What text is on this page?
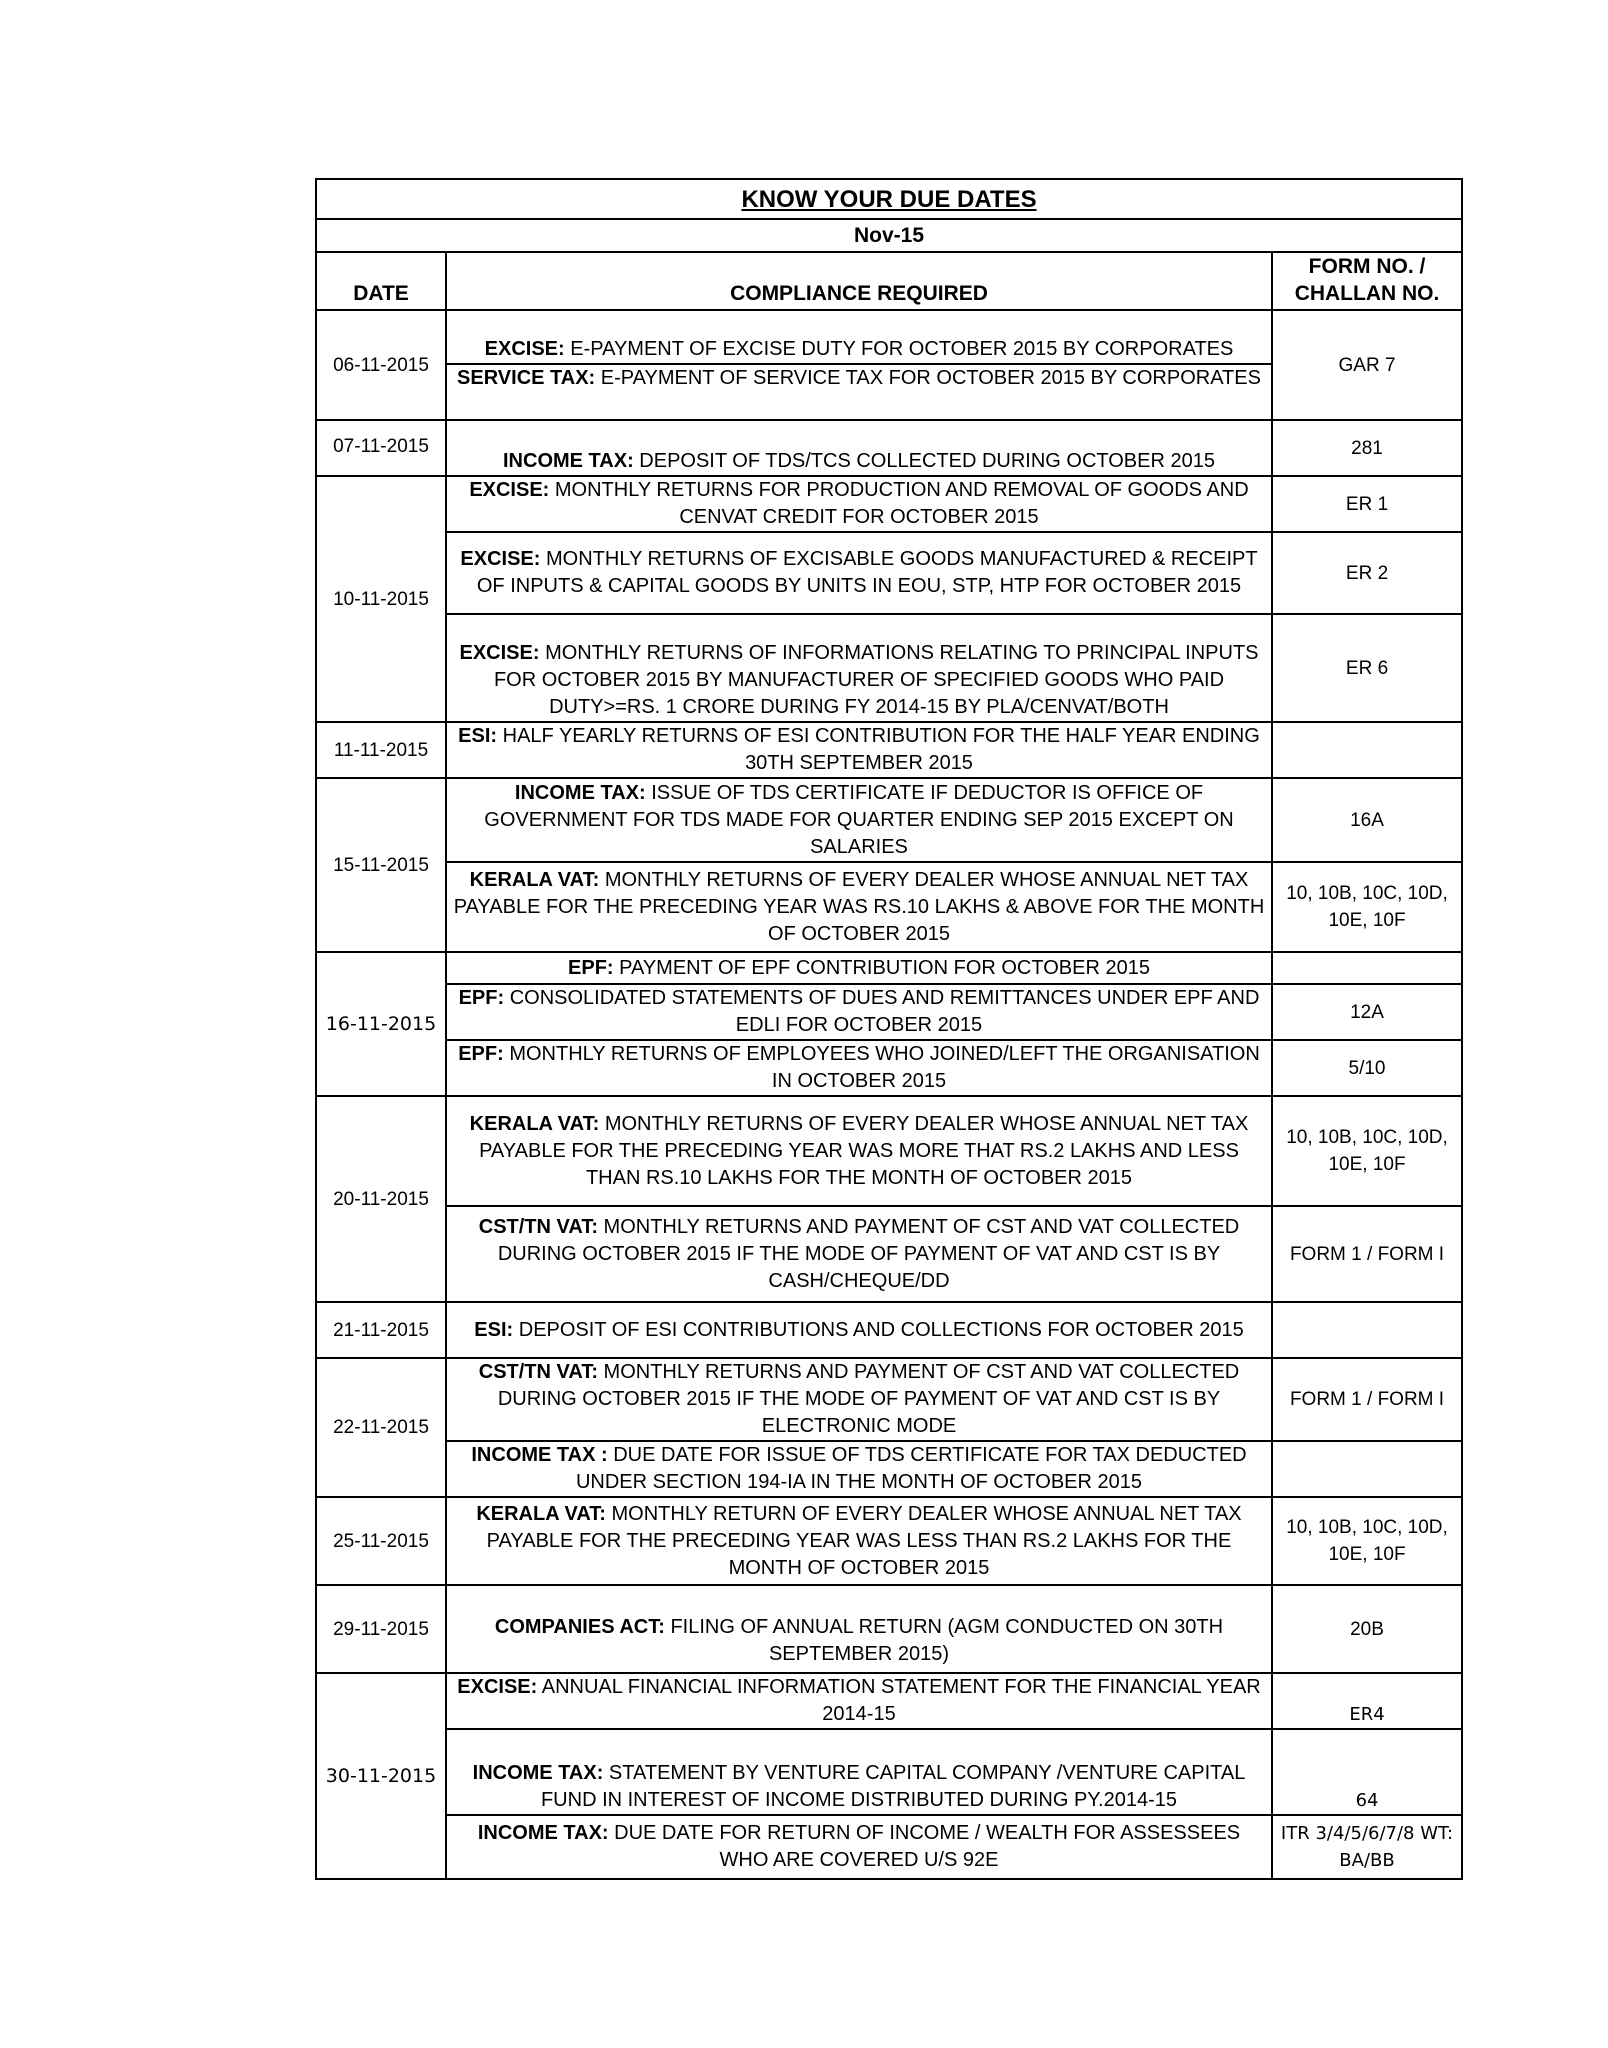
KNOW YOUR DUE DATES		
Nov-15		
DATE	COMPLIANCE REQUIRED	FORM NO. / CHALLAN NO.
06-11-2015	EXCISE: E-PAYMENT OF EXCISE DUTY FOR OCTOBER 2015 BY CORPORATES	GAR 7
	SERVICE TAX: E-PAYMENT OF SERVICE TAX FOR OCTOBER 2015 BY CORPORATES	
07-11-2015	INCOME TAX: DEPOSIT OF TDS/TCS COLLECTED DURING OCTOBER 2015	281
10-11-2015	EXCISE: MONTHLY RETURNS FOR PRODUCTION AND REMOVAL OF GOODS AND CENVAT CREDIT FOR OCTOBER 2015	ER 1
	EXCISE: MONTHLY RETURNS OF EXCISABLE GOODS MANUFACTURED & RECEIPT OF INPUTS & CAPITAL GOODS BY UNITS IN EOU, STP, HTP FOR OCTOBER 2015	ER 2
	EXCISE: MONTHLY RETURNS OF INFORMATIONS RELATING TO PRINCIPAL INPUTS FOR OCTOBER 2015 BY MANUFACTURER OF SPECIFIED GOODS WHO PAID DUTY>=RS. 1 CRORE DURING FY 2014-15 BY PLA/CENVAT/BOTH	ER 6
11-11-2015	ESI: HALF YEARLY RETURNS OF ESI CONTRIBUTION FOR THE HALF YEAR ENDING 30TH SEPTEMBER 2015	
15-11-2015	INCOME TAX: ISSUE OF TDS CERTIFICATE IF DEDUCTOR IS OFFICE OF GOVERNMENT FOR TDS MADE FOR QUARTER ENDING SEP 2015 EXCEPT ON SALARIES	16A
	KERALA VAT: MONTHLY RETURNS OF EVERY DEALER WHOSE ANNUAL NET TAX PAYABLE FOR THE PRECEDING YEAR WAS RS.10 LAKHS & ABOVE FOR THE MONTH OF OCTOBER 2015	10, 10B, 10C, 10D, 10E, 10F
16-11-2015	EPF: PAYMENT OF EPF CONTRIBUTION FOR OCTOBER 2015	
	EPF: CONSOLIDATED STATEMENTS OF DUES AND REMITTANCES UNDER EPF AND EDLI FOR OCTOBER 2015	12A
	EPF: MONTHLY RETURNS OF EMPLOYEES WHO JOINED/LEFT THE ORGANISATION IN OCTOBER 2015	5/10
20-11-2015	KERALA VAT: MONTHLY RETURNS OF EVERY DEALER WHOSE ANNUAL NET TAX PAYABLE FOR THE PRECEDING YEAR WAS MORE THAT RS.2 LAKHS AND LESS THAN RS.10 LAKHS FOR THE MONTH OF OCTOBER 2015	10, 10B, 10C, 10D, 10E, 10F
	CST/TN VAT: MONTHLY RETURNS AND PAYMENT OF CST AND VAT COLLECTED DURING OCTOBER 2015 IF THE MODE OF PAYMENT OF VAT AND CST IS BY CASH/CHEQUE/DD	FORM 1 / FORM I
21-11-2015	ESI: DEPOSIT OF ESI CONTRIBUTIONS AND COLLECTIONS FOR OCTOBER 2015	
22-11-2015	CST/TN VAT: MONTHLY RETURNS AND PAYMENT OF CST AND VAT COLLECTED DURING OCTOBER 2015 IF THE MODE OF PAYMENT OF VAT AND CST IS BY ELECTRONIC MODE	FORM 1 / FORM I
	INCOME TAX : DUE DATE FOR ISSUE OF TDS CERTIFICATE FOR TAX DEDUCTED UNDER SECTION 194-IA IN THE MONTH OF OCTOBER 2015	
25-11-2015	KERALA VAT: MONTHLY RETURN OF EVERY DEALER WHOSE ANNUAL NET TAX PAYABLE FOR THE PRECEDING YEAR WAS LESS THAN RS.2 LAKHS FOR THE MONTH OF OCTOBER 2015	10, 10B, 10C, 10D, 10E, 10F
29-11-2015	COMPANIES ACT: FILING OF ANNUAL RETURN (AGM CONDUCTED ON 30TH SEPTEMBER 2015)	20B
30-11-2015	EXCISE: ANNUAL FINANCIAL INFORMATION STATEMENT FOR THE FINANCIAL YEAR 2014-15	ER4
	INCOME TAX: STATEMENT BY VENTURE CAPITAL COMPANY /VENTURE CAPITAL FUND IN INTEREST OF INCOME DISTRIBUTED DURING PY.2014-15	64
	INCOME TAX: DUE DATE FOR RETURN OF INCOME / WEALTH FOR ASSESSEES WHO ARE COVERED U/S 92E	ITR 3/4/5/6/7/8 WT: BA/BB
